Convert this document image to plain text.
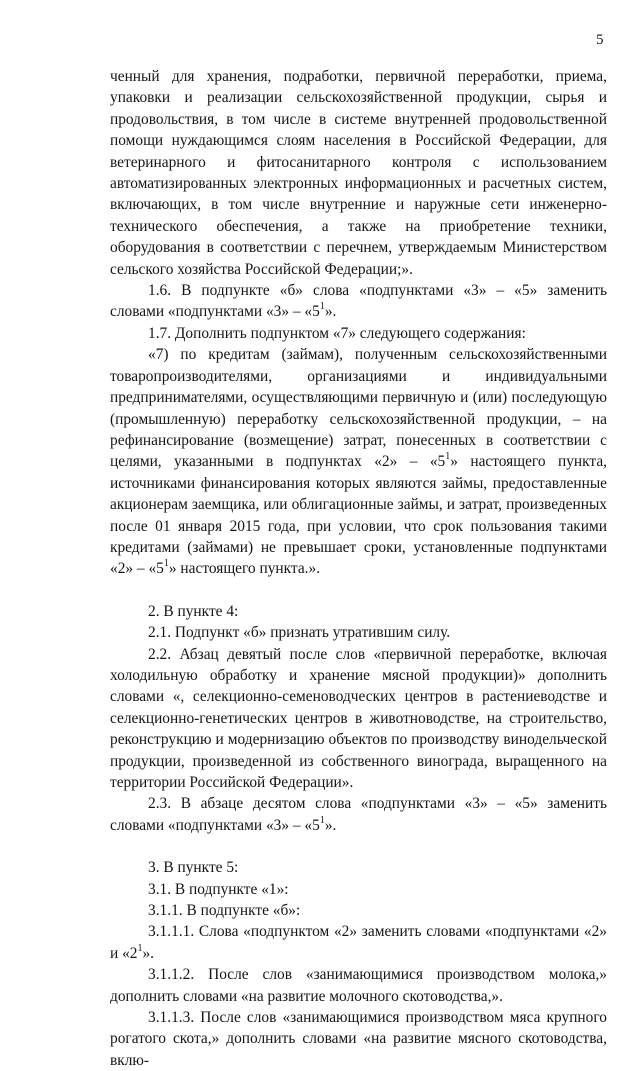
5

ченный для хранения, подработки, первичной переработки, приема, упаковки и реализации сельскохозяйственной продукции, сырья и продовольствия, в том числе в системе внутренней продовольственной помощи нуждающимся слоям населения в Российской Федерации, для ветеринарного и фитосанитарного контроля с использованием автоматизированных электронных информационных и расчетных систем, включающих, в том числе внутренние и наружные сети инженерно-технического обеспечения, а также на приобретение техники, оборудования в соответствии с перечнем, утверждаемым Министерством сельского хозяйства Российской Федерации;».

1.6. В подпункте «б» слова «подпунктами «3» – «5» заменить словами «подпунктами «3» – «$5^1$».

1.7. Дополнить подпунктом «7» следующего содержания:

«7) по кредитам (займам), полученным сельскохозяйственными товаропроизводителями, организациями и индивидуальными предпринимателями, осуществляющими первичную и (или) последующую (промышленную) переработку сельскохозяйственной продукции, – на рефинансирование (возмещение) затрат, понесенных в соответствии с целями, указанными в подпунктах «2» – «$5^1$» настоящего пункта, источниками финансирования которых являются займы, предоставленные акционерам заемщика, или облигационные займы, и затрат, произведенных после 01 января 2015 года, при условии, что срок пользования такими кредитами (займами) не превышает сроки, установленные подпунктами «2» – «$5^1$» настоящего пункта.».

2. В пункте 4:

2.1. Подпункт «б» признать утратившим силу.

2.2. Абзац девятый после слов «первичной переработке, включая холодильную обработку и хранение мясной продукции)» дополнить словами «, селекционно-семеноводческих центров в растениеводстве и селекционно-генетических центров в животноводстве, на строительство, реконструкцию и модернизацию объектов по производству винодельческой продукции, произведенной из собственного винограда, выращенного на территории Российской Федерации».

2.3. В абзаце десятом слова «подпунктами «3» – «5» заменить словами «подпунктами «3» – «$5^1$».

3. В пункте 5:

3.1. В подпункте «1»:

3.1.1. В подпункте «б»:

3.1.1.1. Слова «подпунктом «2» заменить словами «подпунктами «2» и «$2^1$».

3.1.1.2. После слов «занимающимися производством молока,» дополнить словами «на развитие молочного скотоводства,».

3.1.1.3. После слов «занимающимися производством мяса крупного рогатого скота,» дополнить словами «на развитие мясного скотоводства, вклю-
